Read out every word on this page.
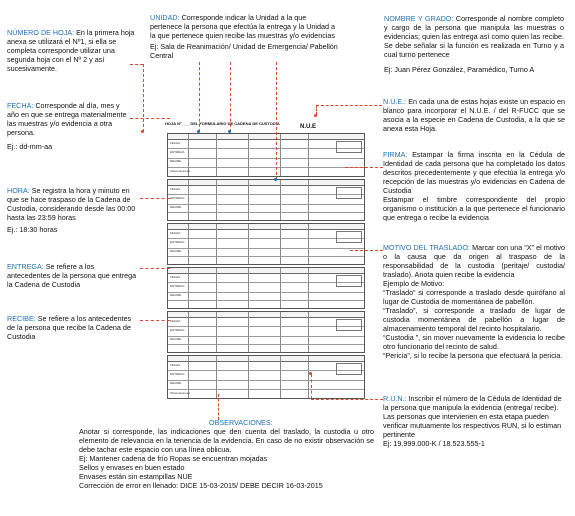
NÚMERO DE HOJA: En la primera hoja anexa se utilizará el Nº1, si ella se completa corresponde utilizar una segunda hoja con el Nº 2 y así sucesivamente.
UNIDAD: Corresponde indicar la Unidad a la que pertenece la persona que efectúa la entrega y la Unidad a la que pertenece quien recibe las muestras y/o evidencias
Ej: Sala de Reanimación/ Unidad de Emergencia/ Pabellón Central
NOMBRE Y GRADO: Corresponde al nombre completo y cargo de la persona que manipula las muestras o evidencias; quien las entrega así como quien las recibe. Se debe señalar si la función es realizada en Turno y a cual turno pertenece
Ej: Juan Pérez González, Paramédico, Turno A
FECHA: Corresponde al día, mes y año en que se entrega materialmente las muestras y/o evidencia a otra persona.
Ej.: dd-mm-aa
N.U.E.: En cada una de estas hojas existe un espacio en blanco para incorporar el N.U.E. / del R-FUCC que se asocia a la especie en Cadena de Custodia, a la que se anexa esta Hoja.
HORA: Se registra la hora y minuto en que se hace traspaso de la Cadena de Custodia, considerando desde las 00:00 hasta las 23:59 horas
Ej.: 18:30 horas
FIRMA: Estampar la firma inscrita en la Cédula de Identidad de cada persona que ha completado los datos descritos precedentemente y que efectúa la entrega y/o recepción de las muestras y/o evidencias en Cadena de Custodia
Estampar el timbre correspondiente del propio organismo o institución a la que pertenece el funcionario que entrega o recibe la evidencia
ENTREGA: Se refiere a los antecedentes de la persona que entrega la Cadena de Custodia
RECIBE: Se refiere a los antecedentes de la persona que recibe la Cadena de Custodia
MOTIVO DEL TRASLADO: Marcar con una “X” el motivo o la causa que da origen al traspaso de la responsabilidad de la custodia (peritaje/ custodia/ traslado). Anota quien recibe la evidencia
Ejemplo de Motivo:
“Traslado” si corresponde a traslado desde quirófano al lugar de Custodia de momentánea de pabellón.
“Traslado”, si corresponde a traslado de lugar de custodia momentánea de pabellón a lugar de almacenamiento temporal del recinto hospitalario.
“Custodia ”, sin mover nuevamente la evidencia lo recibe otro funcionario del recinto de salud.
“Pericia”, si lo recibe la persona que efectuará la pericia.
R.U.N.: Inscribir el número de la Cédula de Identidad de la persona que manipula la evidencia (entrega/ recibe). Las personas que intervienen en esta etapa pueden verificar mutuamente los respectivos RUN, si lo estiman pertinente
Ej: 19.999.000-K / 18.523.555-1
OBSERVACIONES:
Anotar si corresponde, las indicaciones que den cuenta del traslado, la custodia u otro elemento de relevancia en la tenencia de la evidencia. En caso de no existir observación se debe tachar este espacio con una línea oblicua.
Ej: Mantener cadena de frío Ropas se encuentran mojadas
Sellos y envases en buen estado
Envases están sin estampillas NUE
Corrección de error en llenado: DICE 15-03-2015/ DEBE DECIR 16-03-2015
HOJA Nº ___ DEL FORMULARIO DE CADENA DE CUSTODIA
N.U.E
FECHA
ENTREGA
RECIBE
Observaciones
FECHA
ENTREGA
RECIBE
FECHA
ENTREGA
RECIBE
FECHA
ENTREGA
RECIBE
FECHA
ENTREGA
RECIBE
FECHA
ENTREGA
RECIBE
Observaciones
